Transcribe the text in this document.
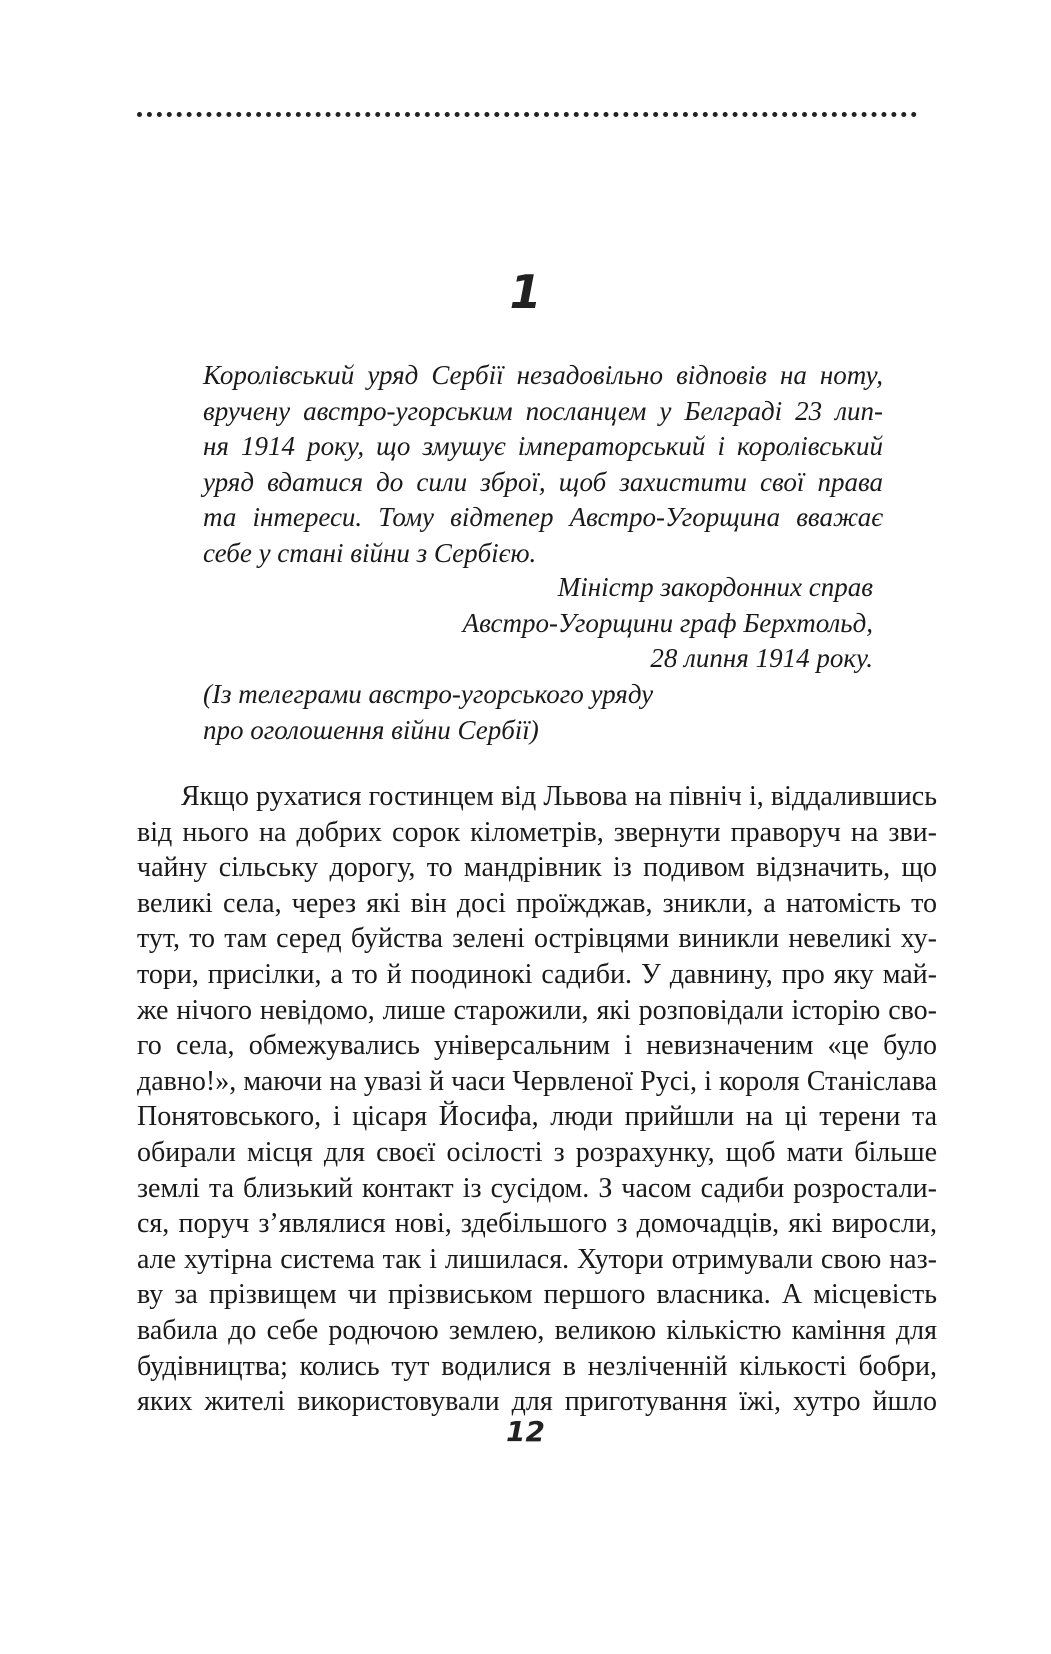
1
Королівський уряд Сербії незадовільно відповів на ноту,
вручену австро-угорським посланцем у Белграді 23 лип-
ня 1914 року, що змушує імператорський і королівський
уряд вдатися до сили зброї, щоб захистити свої права
та інтереси. Тому відтепер Австро-Угорщина вважає
себе у стані війни з Сербією.
Міністр закордонних справ
Австро-Угорщини граф Берхтольд,
28 липня 1914 року.
(Із телеграми австро-угорського уряду
про оголошення війни Сербії)
Якщо рухатися гостинцем від Львова на північ і, віддалившись
від нього на добрих сорок кілометрів, звернути праворуч на зви-
чайну сільську дорогу, то мандрівник із подивом відзначить, що
великі села, через які він досі проїжджав, зникли, а натомість то
тут, то там серед буйства зелені острівцями виникли невеликі ху-
тори, присілки, а то й поодинокі садиби. У давнину, про яку май-
же нічого невідомо, лише старожили, які розповідали історію сво-
го села, обмежувались універсальним і невизначеним «це було
давно!», маючи на увазі й часи Червленої Русі, і короля Станіслава
Понятовського, і цісаря Йосифа, люди прийшли на ці терени та
обирали місця для своєї осілості з розрахунку, щоб мати більше
землі та близький контакт із сусідом. З часом садиби розростали-
ся, поруч з’являлися нові, здебільшого з домочадців, які виросли,
але хутірна система так і лишилася. Хутори отримували свою наз-
ву за прізвищем чи прізвиськом першого власника. А місцевість
вабила до себе родючою землею, великою кількістю каміння для
будівництва; колись тут водилися в незліченній кількості бобри,
яких жителі використовували для приготування їжі, хутро йшло
12
